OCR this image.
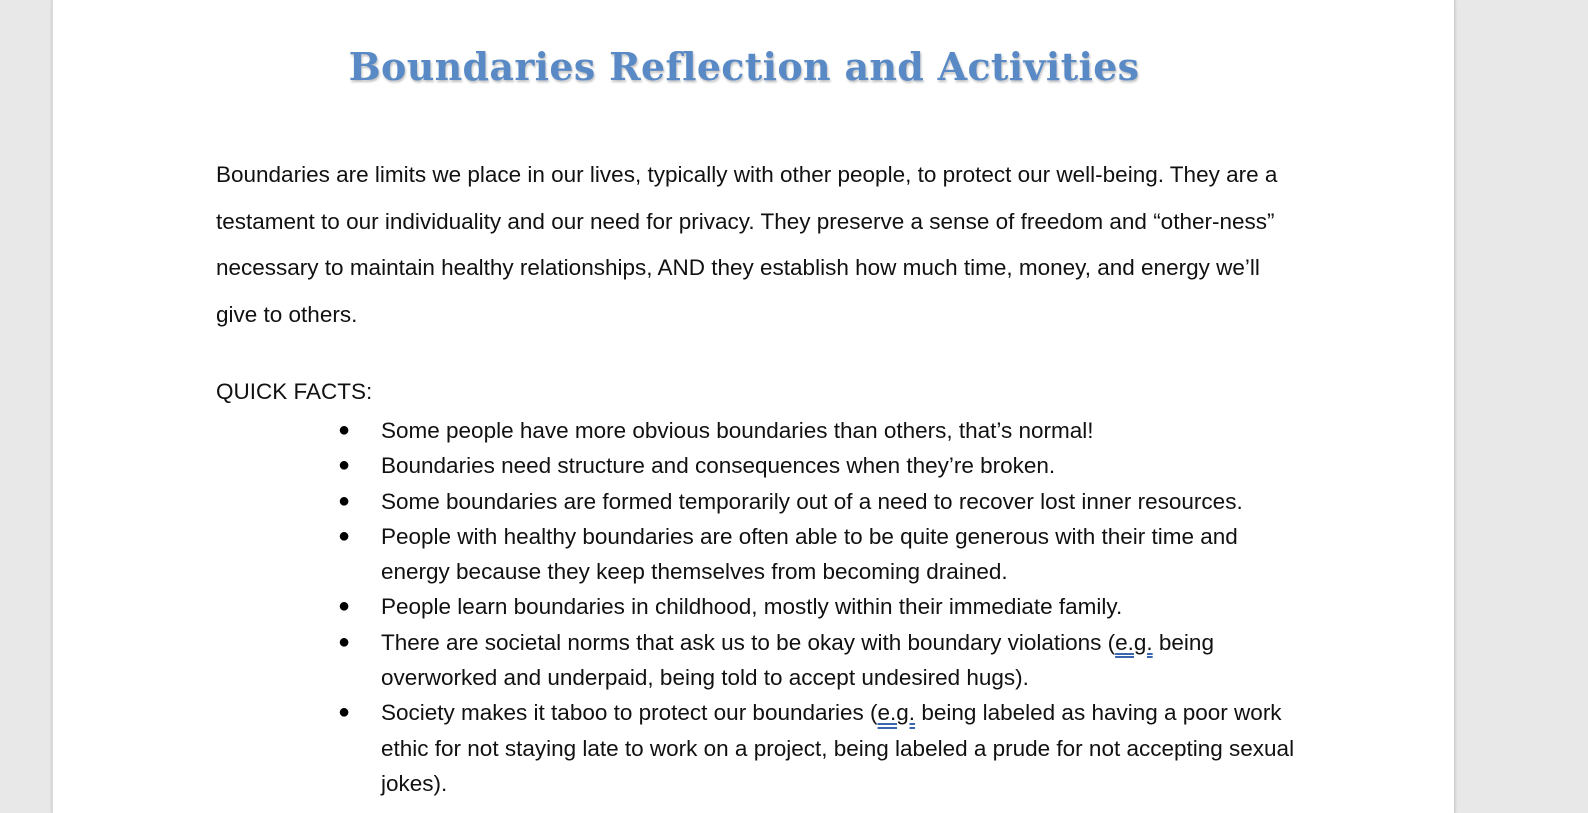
Boundaries Reflection and Activities

Boundaries are limits we place in our lives, typically with other people, to protect our well-being. They are a testament to our individuality and our need for privacy. They preserve a sense of freedom and “other-ness” necessary to maintain healthy relationships, AND they establish how much time, money, and energy we’ll give to others.

QUICK FACTS:

● Some people have more obvious boundaries than others, that’s normal!
● Boundaries need structure and consequences when they’re broken.
● Some boundaries are formed temporarily out of a need to recover lost inner resources.
● People with healthy boundaries are often able to be quite generous with their time and energy because they keep themselves from becoming drained.
● People learn boundaries in childhood, mostly within their immediate family.
● There are societal norms that ask us to be okay with boundary violations (e.g. being overworked and underpaid, being told to accept undesired hugs).
● Society makes it taboo to protect our boundaries (e.g. being labeled as having a poor work ethic for not staying late to work on a project, being labeled a prude for not accepting sexual jokes).
